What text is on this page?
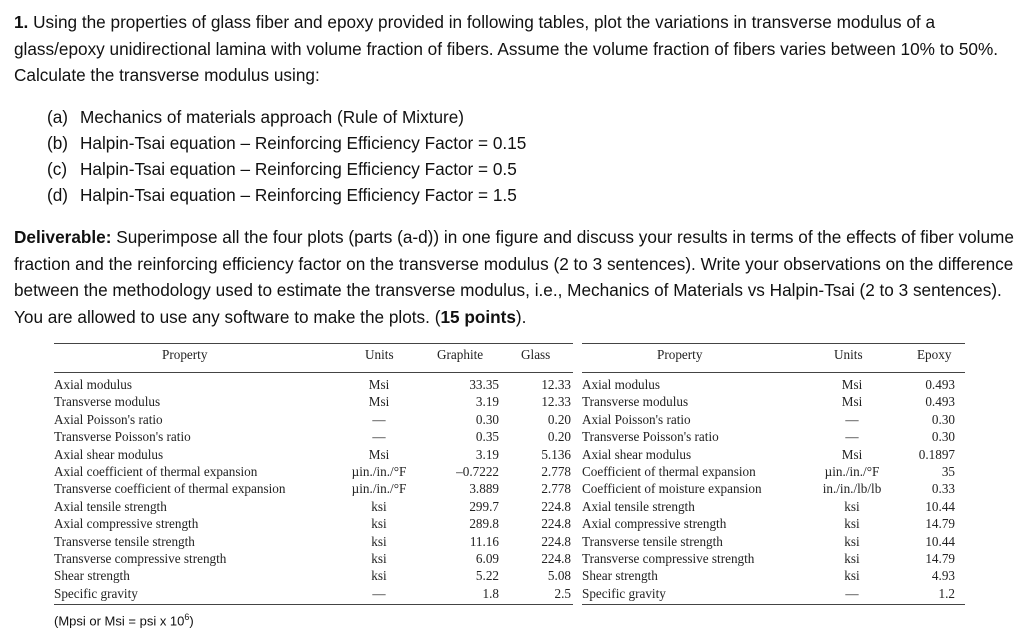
1. Using the properties of glass fiber and epoxy provided in following tables, plot the variations in transverse modulus of a glass/epoxy unidirectional lamina with volume fraction of fibers. Assume the volume fraction of fibers varies between 10% to 50%. Calculate the transverse modulus using:
(a) Mechanics of materials approach (Rule of Mixture)
(b) Halpin-Tsai equation – Reinforcing Efficiency Factor = 0.15
(c) Halpin-Tsai equation – Reinforcing Efficiency Factor = 0.5
(d) Halpin-Tsai equation – Reinforcing Efficiency Factor = 1.5
Deliverable: Superimpose all the four plots (parts (a-d)) in one figure and discuss your results in terms of the effects of fiber volume fraction and the reinforcing efficiency factor on the transverse modulus (2 to 3 sentences). Write your observations on the difference between the methodology used to estimate the transverse modulus, i.e., Mechanics of Materials vs Halpin-Tsai (2 to 3 sentences). You are allowed to use any software to make the plots. (15 points).
Property	Units	Graphite	Glass
Axial modulus	Msi	33.35	12.33
Transverse modulus	Msi	3.19	12.33
Axial Poisson's ratio	—	0.30	0.20
Transverse Poisson's ratio	—	0.35	0.20
Axial shear modulus	Msi	3.19	5.136
Axial coefficient of thermal expansion	µin./in./°F	–0.7222	2.778
Transverse coefficient of thermal expansion	µin./in./°F	3.889	2.778
Axial tensile strength	ksi	299.7	224.8
Axial compressive strength	ksi	289.8	224.8
Transverse tensile strength	ksi	11.16	224.8
Transverse compressive strength	ksi	6.09	224.8
Shear strength	ksi	5.22	5.08
Specific gravity	—	1.8	2.5
Property	Units	Epoxy
Axial modulus	Msi	0.493
Transverse modulus	Msi	0.493
Axial Poisson's ratio	—	0.30
Transverse Poisson's ratio	—	0.30
Axial shear modulus	Msi	0.1897
Coefficient of thermal expansion	µin./in./°F	35
Coefficient of moisture expansion	in./in./lb/lb	0.33
Axial tensile strength	ksi	10.44
Axial compressive strength	ksi	14.79
Transverse tensile strength	ksi	10.44
Transverse compressive strength	ksi	14.79
Shear strength	ksi	4.93
Specific gravity	—	1.2
(Mpsi or Msi = psi x $10^6$)
